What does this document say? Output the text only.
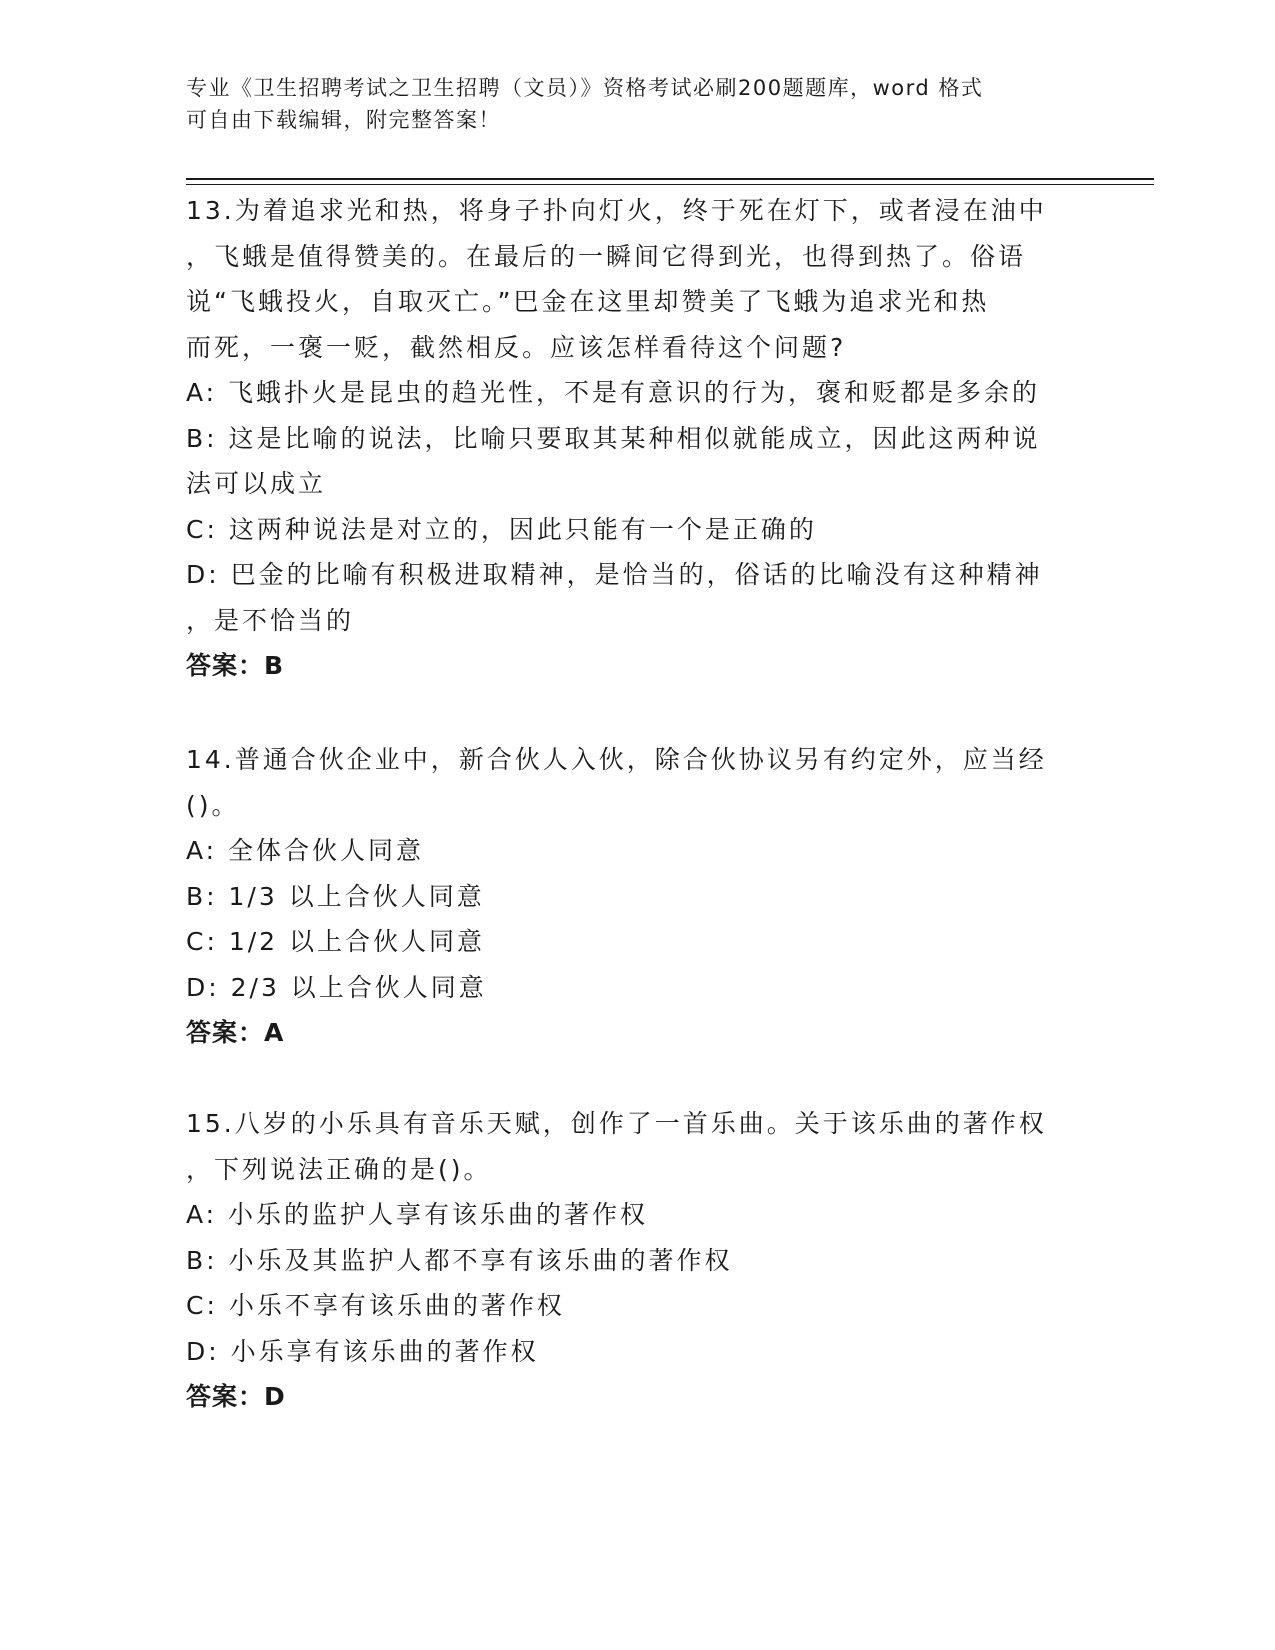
专业《卫生招聘考试之卫生招聘（文员）》资格考试必刷200题题库，word 格式
可自由下载编辑，附完整答案！
13.为着追求光和热，将身子扑向灯火，终于死在灯下，或者浸在油中
，飞蛾是值得赞美的。在最后的一瞬间它得到光，也得到热了。俗语
说“飞蛾投火，自取灭亡。”巴金在这里却赞美了飞蛾为追求光和热
而死，一褒一贬，截然相反。应该怎样看待这个问题?
A: 飞蛾扑火是昆虫的趋光性，不是有意识的行为，褒和贬都是多余的
B: 这是比喻的说法，比喻只要取其某种相似就能成立，因此这两种说
法可以成立
C: 这两种说法是对立的，因此只能有一个是正确的
D: 巴金的比喻有积极进取精神，是恰当的，俗话的比喻没有这种精神
，是不恰当的
答案：B
14.普通合伙企业中，新合伙人入伙，除合伙协议另有约定外，应当经
()。
A: 全体合伙人同意
B: 1/3 以上合伙人同意
C: 1/2 以上合伙人同意
D: 2/3 以上合伙人同意
答案：A
15.八岁的小乐具有音乐天赋，创作了一首乐曲。关于该乐曲的著作权
，下列说法正确的是()。
A: 小乐的监护人享有该乐曲的著作权
B: 小乐及其监护人都不享有该乐曲的著作权
C: 小乐不享有该乐曲的著作权
D: 小乐享有该乐曲的著作权
答案：D
